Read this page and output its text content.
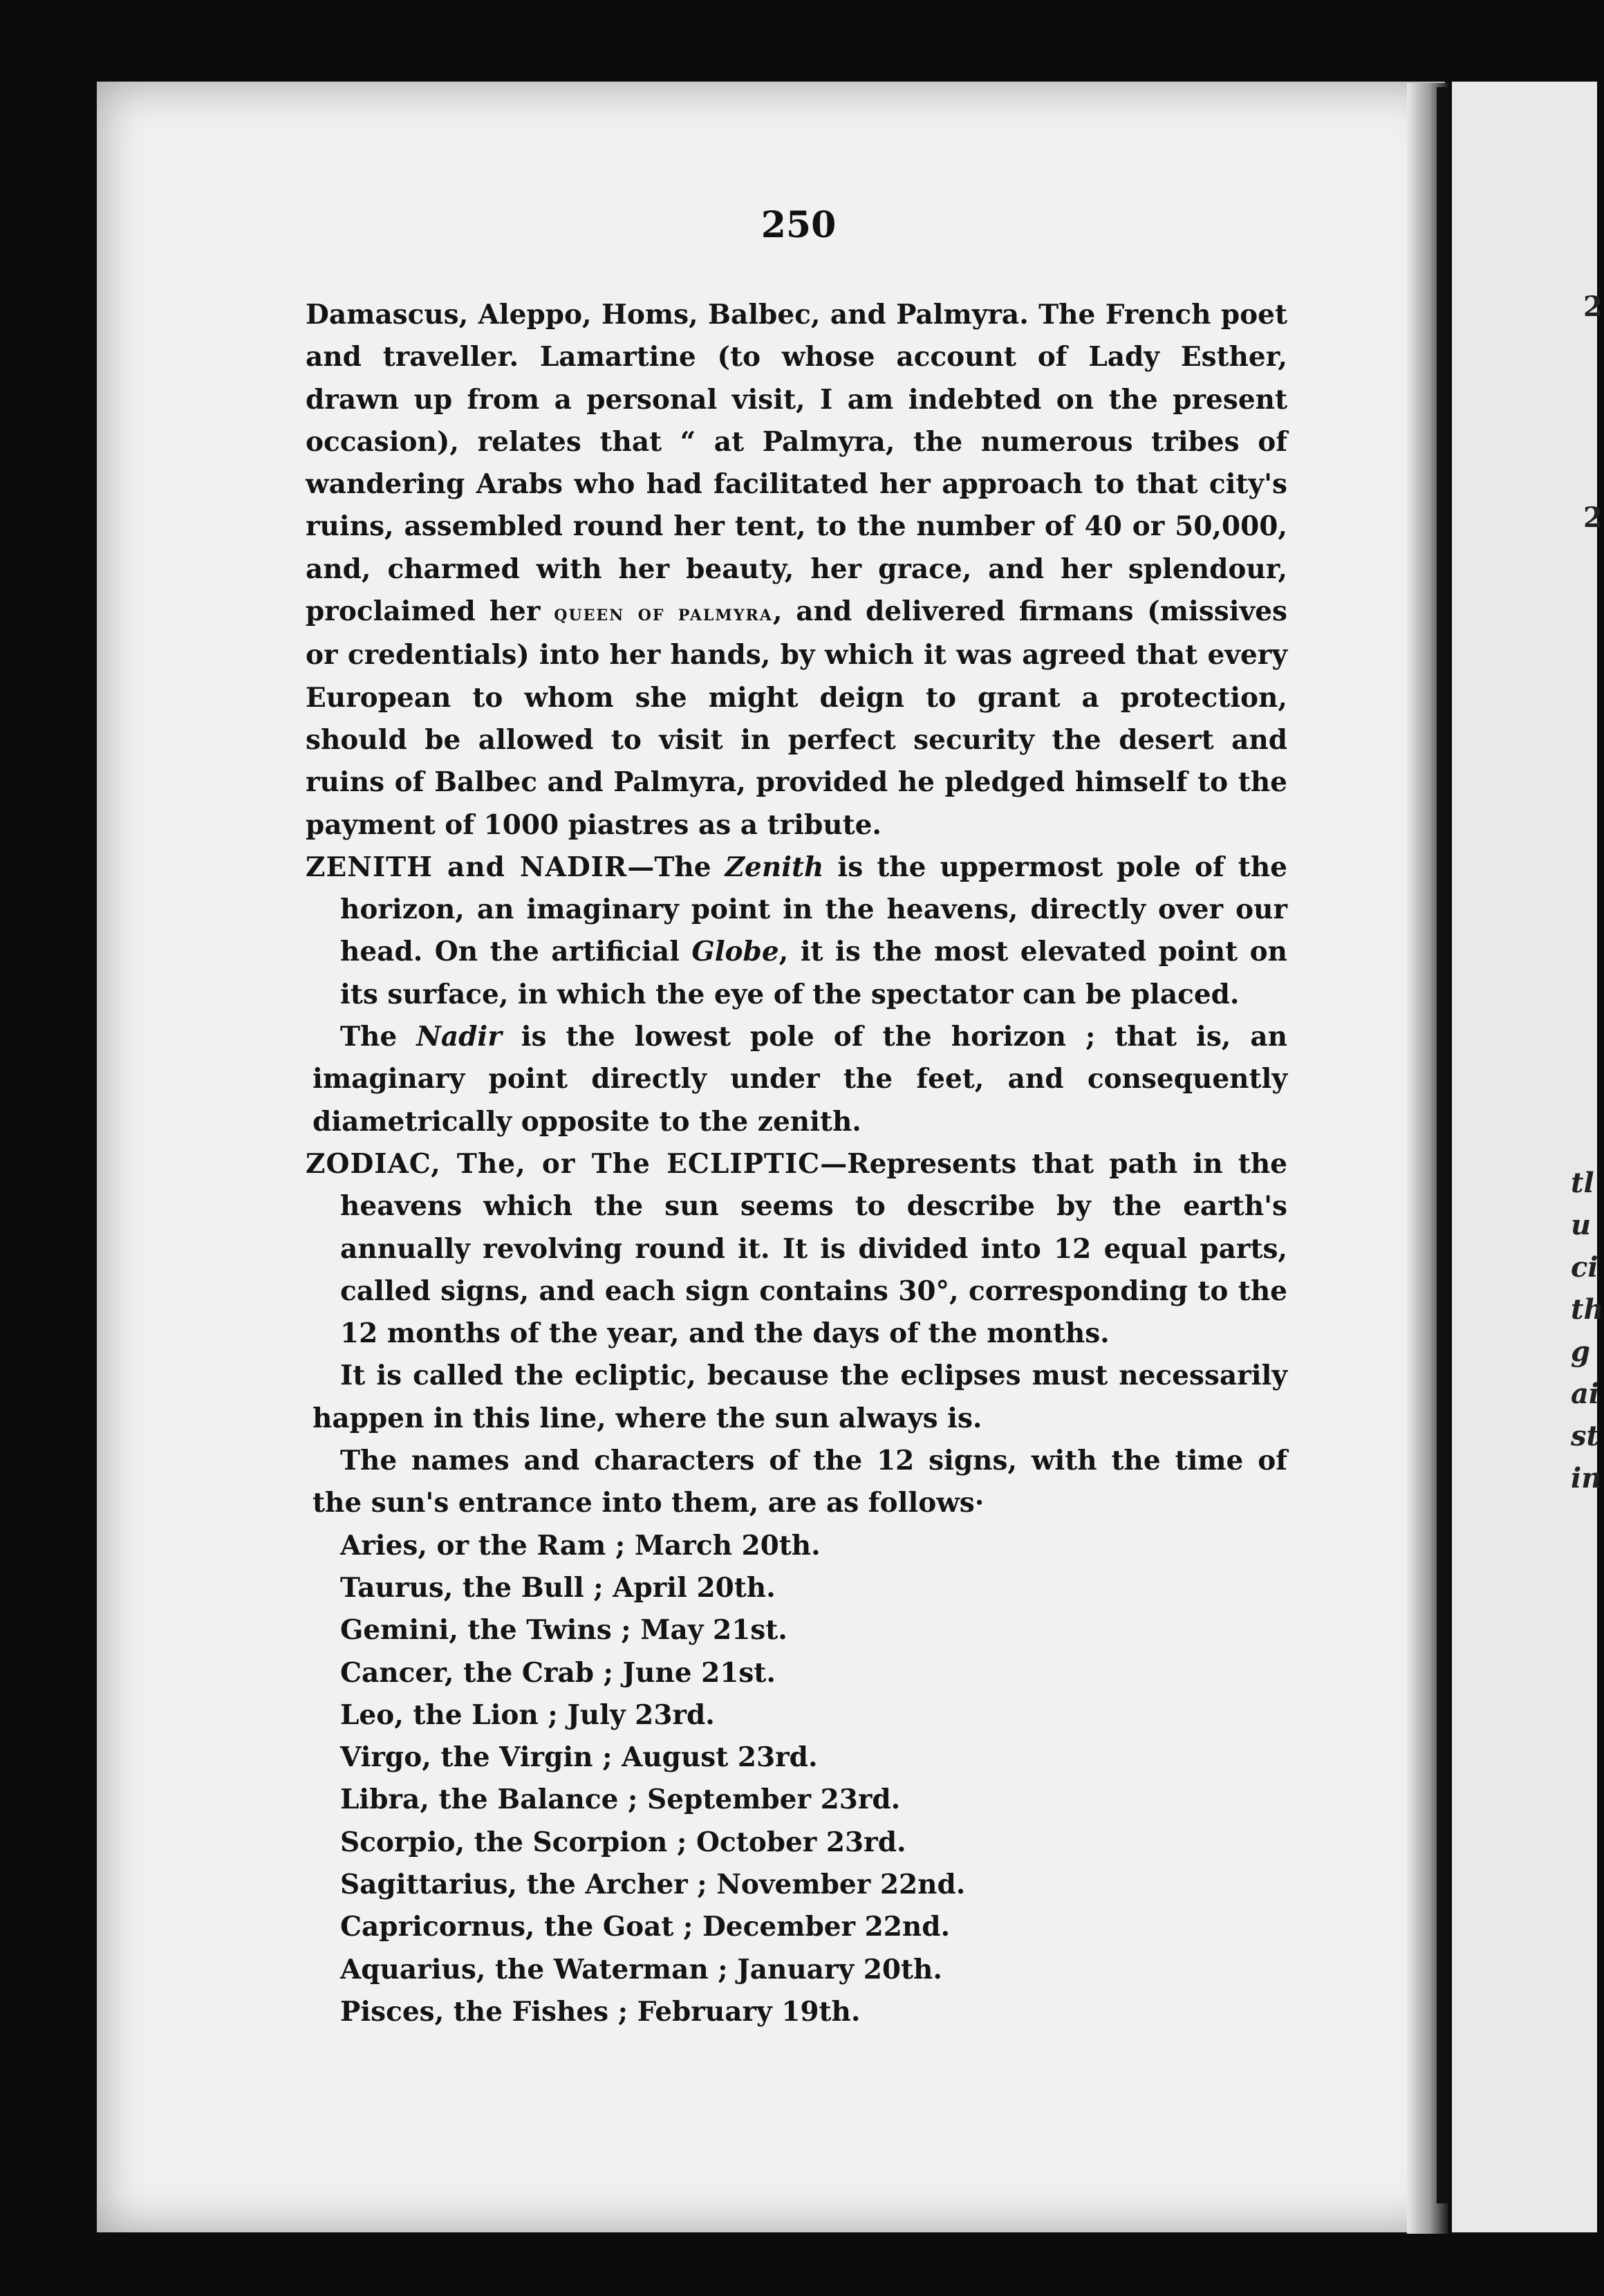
2
2
tl
u
ci
th
g
ai
st
in
250

Damascus, Aleppo, Homs, Balbec, and Palmyra. The French poet and traveller. Lamartine (to whose account of Lady Esther, drawn up from a personal visit, I am indebted on the present occasion), relates that “ at Palmyra, the numerous tribes of wandering Arabs who had facilitated her approach to that city's ruins, assembled round her tent, to the number of 40 or 50,000, and, charmed with her beauty, her grace, and her splendour, proclaimed her queen of palmyra, and delivered firmans (missives or credentials) into her hands, by which it was agreed that every European to whom she might deign to grant a protection, should be allowed to visit in perfect security the desert and ruins of Balbec and Palmyra, provided he pledged himself to the payment of 1000 piastres as a tribute.

ZENITH and NADIR—The Zenith is the uppermost pole of the horizon, an imaginary point in the heavens, directly over our head. On the artificial Globe, it is the most elevated point on its surface, in which the eye of the spectator can be placed.

The Nadir is the lowest pole of the horizon ; that is, an imaginary point directly under the feet, and consequently diametrically opposite to the zenith.

ZODIAC, The, or The ECLIPTIC—Represents that path in the heavens which the sun seems to describe by the earth's annually revolving round it. It is divided into 12 equal parts, called signs, and each sign contains 30°, corresponding to the 12 months of the year, and the days of the months.

It is called the ecliptic, because the eclipses must necessarily happen in this line, where the sun always is.

The names and characters of the 12 signs, with the time of the sun's entrance into them, are as follows·

Aries, or the Ram ; March 20th.
Taurus, the Bull ; April 20th.
Gemini, the Twins ; May 21st.
Cancer, the Crab ; June 21st.
Leo, the Lion ; July 23rd.
Virgo, the Virgin ; August 23rd.
Libra, the Balance ; September 23rd.
Scorpio, the Scorpion ; October 23rd.
Sagittarius, the Archer ; November 22nd.
Capricornus, the Goat ; December 22nd.
Aquarius, the Waterman ; January 20th.
Pisces, the Fishes ; February 19th.
